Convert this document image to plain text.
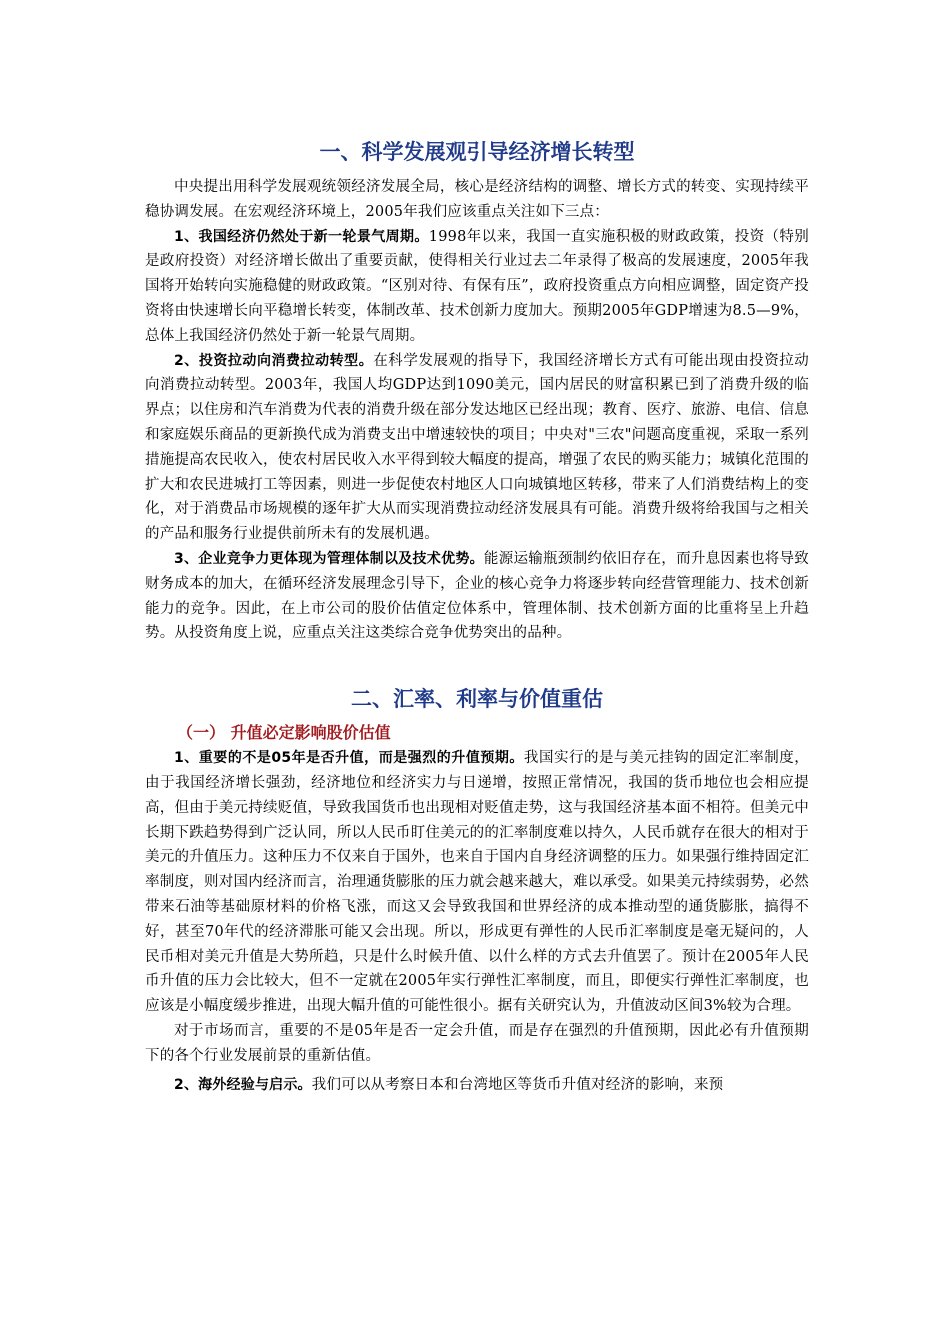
一、科学发展观引导经济增长转型

中央提出用科学发展观统领经济发展全局，核心是经济结构的调整、增长方式的转变、实现持续平稳协调发展。在宏观经济环境上，2005年我们应该重点关注如下三点：

1、我国经济仍然处于新一轮景气周期。1998年以来，我国一直实施积极的财政政策，投资（特别是政府投资）对经济增长做出了重要贡献，使得相关行业过去二年录得了极高的发展速度，2005年我国将开始转向实施稳健的财政政策。“区别对待、有保有压”，政府投资重点方向相应调整，固定资产投资将由快速增长向平稳增长转变，体制改革、技术创新力度加大。预期2005年GDP增速为8.5—9%，总体上我国经济仍然处于新一轮景气周期。

2、投资拉动向消费拉动转型。在科学发展观的指导下，我国经济增长方式有可能出现由投资拉动向消费拉动转型。2003年，我国人均GDP达到1090美元，国内居民的财富积累已到了消费升级的临界点；以住房和汽车消费为代表的消费升级在部分发达地区已经出现；教育、医疗、旅游、电信、信息和家庭娱乐商品的更新换代成为消费支出中增速较快的项目；中央对"三农"问题高度重视，采取一系列措施提高农民收入，使农村居民收入水平得到较大幅度的提高，增强了农民的购买能力；城镇化范围的扩大和农民进城打工等因素，则进一步促使农村地区人口向城镇地区转移，带来了人们消费结构上的变化，对于消费品市场规模的逐年扩大从而实现消费拉动经济发展具有可能。消费升级将给我国与之相关的产品和服务行业提供前所未有的发展机遇。

3、企业竞争力更体现为管理体制以及技术优势。能源运输瓶颈制约依旧存在，而升息因素也将导致财务成本的加大，在循环经济发展理念引导下，企业的核心竞争力将逐步转向经营管理能力、技术创新能力的竞争。因此，在上市公司的股价估值定位体系中，管理体制、技术创新方面的比重将呈上升趋势。从投资角度上说，应重点关注这类综合竞争优势突出的品种。

二、汇率、利率与价值重估
（一） 升值必定影响股价估值

1、重要的不是05年是否升值，而是强烈的升值预期。我国实行的是与美元挂钩的固定汇率制度，由于我国经济增长强劲，经济地位和经济实力与日递增，按照正常情况，我国的货币地位也会相应提高，但由于美元持续贬值，导致我国货币也出现相对贬值走势，这与我国经济基本面不相符。但美元中长期下跌趋势得到广泛认同，所以人民币盯住美元的的汇率制度难以持久，人民币就存在很大的相对于美元的升值压力。这种压力不仅来自于国外，也来自于国内自身经济调整的压力。如果强行维持固定汇率制度，则对国内经济而言，治理通货膨胀的压力就会越来越大，难以承受。如果美元持续弱势，必然带来石油等基础原材料的价格飞涨，而这又会导致我国和世界经济的成本推动型的通货膨胀，搞得不好，甚至70年代的经济滞胀可能又会出现。所以，形成更有弹性的人民币汇率制度是毫无疑问的，人民币相对美元升值是大势所趋，只是什么时候升值、以什么样的方式去升值罢了。预计在2005年人民币升值的压力会比较大，但不一定就在2005年实行弹性汇率制度，而且，即便实行弹性汇率制度，也应该是小幅度缓步推进，出现大幅升值的可能性很小。据有关研究认为，升值波动区间3%较为合理。

对于市场而言，重要的不是05年是否一定会升值，而是存在强烈的升值预期，因此必有升值预期下的各个行业发展前景的重新估值。

2、海外经验与启示。我们可以从考察日本和台湾地区等货币升值对经济的影响，来预
